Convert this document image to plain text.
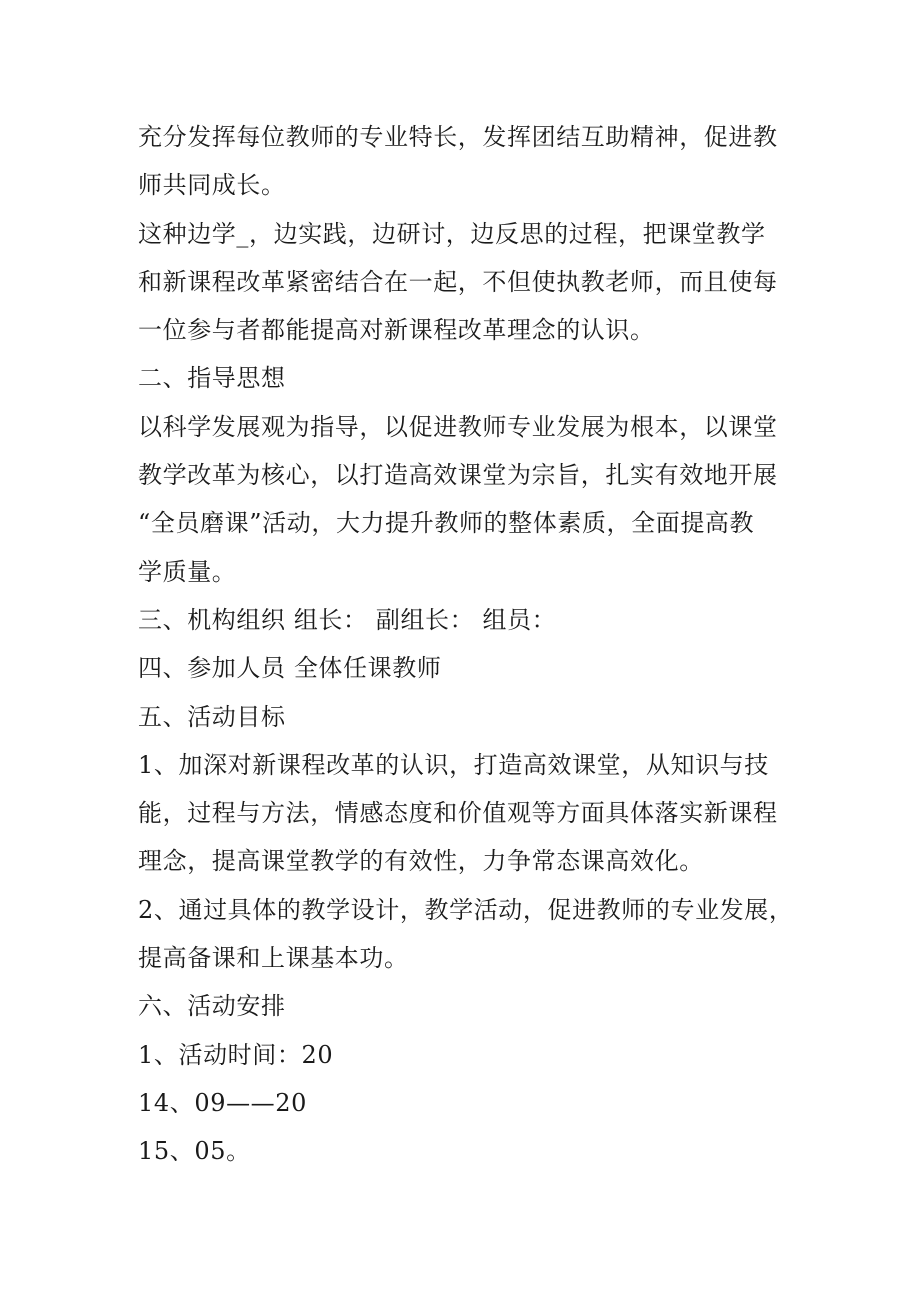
充分发挥每位教师的专业特长，发挥团结互助精神，促进教
师共同成长。
这种边学_，边实践，边研讨，边反思的过程，把课堂教学
和新课程改革紧密结合在一起，不但使执教老师，而且使每
一位参与者都能提高对新课程改革理念的认识。
二、指导思想
以科学发展观为指导，以促进教师专业发展为根本，以课堂
教学改革为核心，以打造高效课堂为宗旨，扎实有效地开展
“全员磨课”活动，大力提升教师的整体素质，全面提高教
学质量。
三、机构组织 组长： 副组长： 组员：
四、参加人员 全体任课教师
五、活动目标
1、加深对新课程改革的认识，打造高效课堂，从知识与技
能，过程与方法，情感态度和价值观等方面具体落实新课程
理念，提高课堂教学的有效性，力争常态课高效化。
2、通过具体的教学设计，教学活动，促进教师的专业发展，
提高备课和上课基本功。
六、活动安排
1、活动时间：20
14、09——20
15、05。
